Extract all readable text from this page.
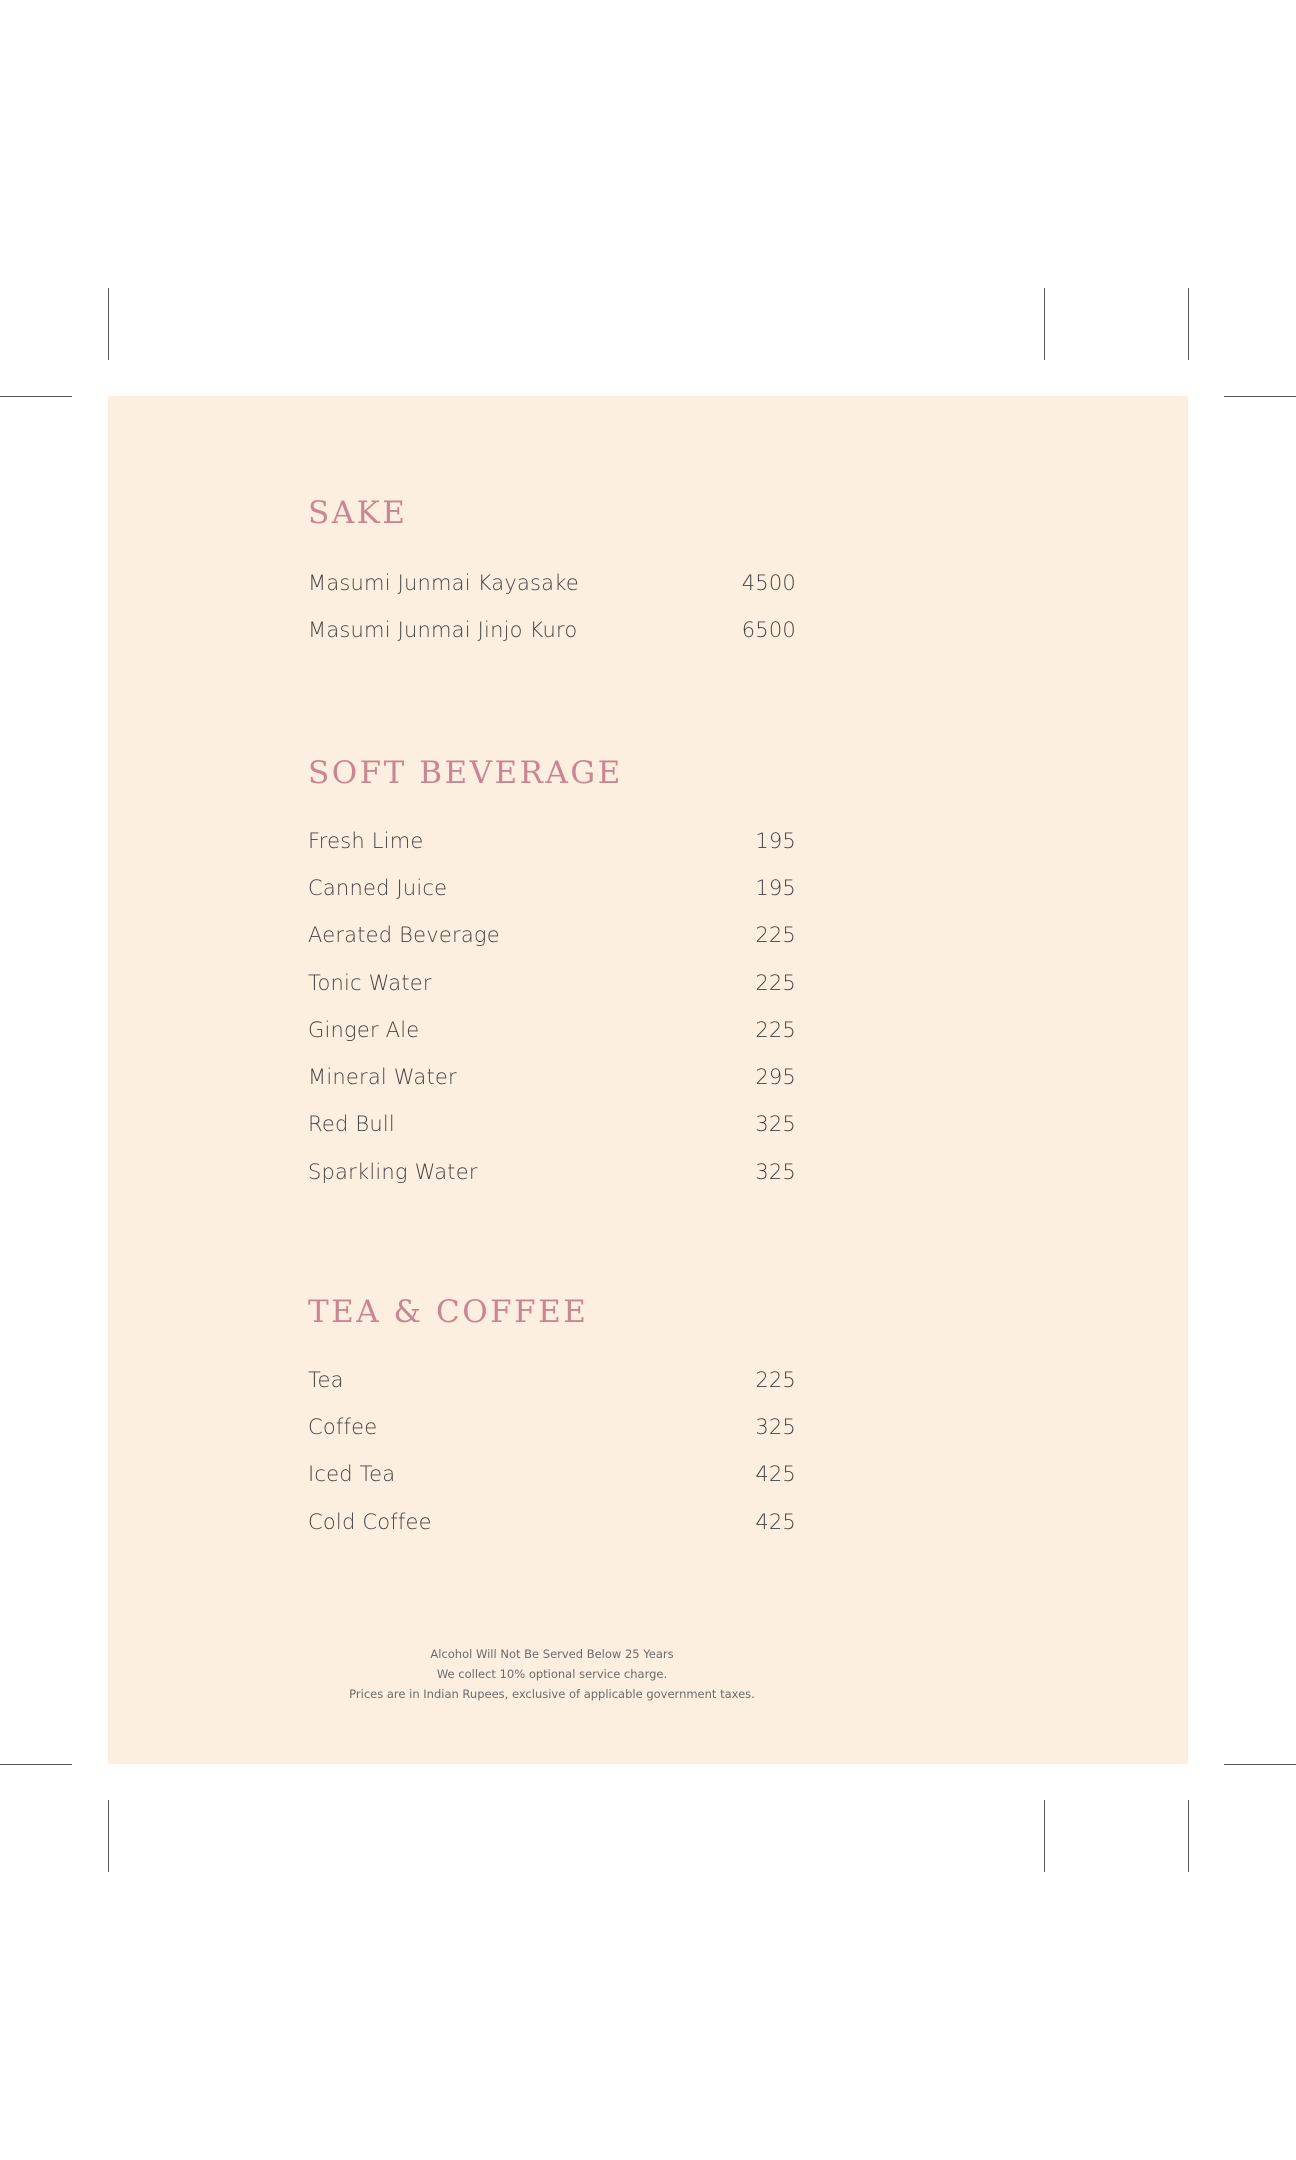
SAKE
Masumi Junmai Kayasake	4500
Masumi Junmai Jinjo Kuro	6500
SOFT BEVERAGE
Fresh Lime	195
Canned Juice	195
Aerated Beverage	225
Tonic Water	225
Ginger Ale	225
Mineral Water	295
Red Bull	325
Sparkling Water	325
TEA & COFFEE
Tea	225
Coffee	325
Iced Tea	425
Cold Coffee	425
Alcohol Will Not Be Served Below 25 Years
We collect 10% optional service charge.
Prices are in Indian Rupees, exclusive of applicable government taxes.
